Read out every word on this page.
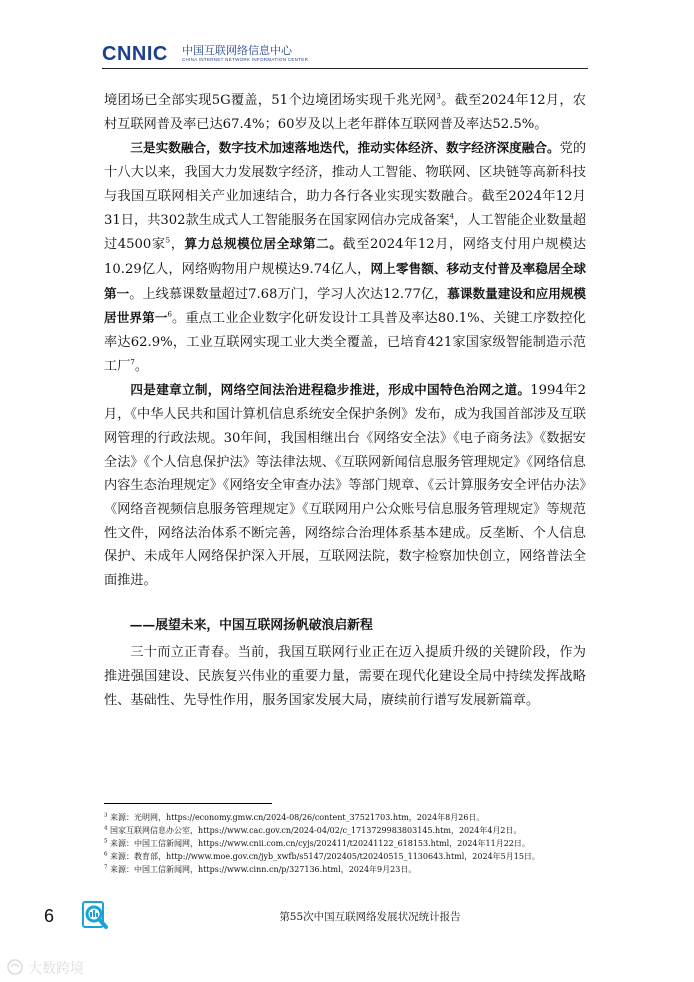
CNNIC 中国互联网络信息中心
CHINA INTERNET NETWORK INFORMATION CENTER

境团场已全部实现5G覆盖，51个边境团场实现千兆光网$^3$。截至2024年12月，农村互联网普及率已达67.4%；60岁及以上老年群体互联网普及率达52.5%。

三是实数融合，数字技术加速落地迭代，推动实体经济、数字经济深度融合。党的十八大以来，我国大力发展数字经济，推动人工智能、物联网、区块链等高新科技与我国互联网相关产业加速结合，助力各行各业实现实数融合。截至2024年12月31日，共302款生成式人工智能服务在国家网信办完成备案$^4$，人工智能企业数量超过4500家$^5$，算力总规模位居全球第二。截至2024年12月，网络支付用户规模达10.29亿人，网络购物用户规模达9.74亿人，网上零售额、移动支付普及率稳居全球第一。上线慕课数量超过7.68万门，学习人次达12.77亿，慕课数量建设和应用规模居世界第一$^6$。重点工业企业数字化研发设计工具普及率达80.1%、关键工序数控化率达62.9%，工业互联网实现工业大类全覆盖，已培育421家国家级智能制造示范工厂$^7$。

四是建章立制，网络空间法治进程稳步推进，形成中国特色治网之道。1994年2月，《中华人民共和国计算机信息系统安全保护条例》发布，成为我国首部涉及互联网管理的行政法规。30年间，我国相继出台《网络安全法》《电子商务法》《数据安全法》《个人信息保护法》等法律法规、《互联网新闻信息服务管理规定》《网络信息内容生态治理规定》《网络安全审查办法》等部门规章、《云计算服务安全评估办法》《网络音视频信息服务管理规定》《互联网用户公众账号信息服务管理规定》等规范性文件，网络法治体系不断完善，网络综合治理体系基本建成。反垄断、个人信息保护、未成年人网络保护深入开展，互联网法院，数字检察加快创立，网络普法全面推进。

——展望未来，中国互联网扬帆破浪启新程

三十而立正青春。当前，我国互联网行业正在迈入提质升级的关键阶段，作为推进强国建设、民族复兴伟业的重要力量，需要在现代化建设全局中持续发挥战略性、基础性、先导性作用，服务国家发展大局，赓续前行谱写发展新篇章。

$^3$ 来源：光明网，https://economy.gmw.cn/2024-08/26/content_37521703.htm，2024年8月26日。

$^4$ 国家互联网信息办公室，https://www.cac.gov.cn/2024-04/02/c_1713729983803145.htm，2024年4月2日。

$^5$ 来源：中国工信新闻网，https://www.cnii.com.cn/cyjs/202411/t20241122_618153.html，2024年11月22日。

$^6$ 来源：教育部，http://www.moe.gov.cn/jyb_xwfb/s5147/202405/t20240515_1130643.html，2024年5月15日。

$^7$ 来源：中国工信新闻网，https://www.cinn.cn/p/327136.html，2024年9月23日。

6	第55次中国互联网络发展状况统计报告
大数跨境
